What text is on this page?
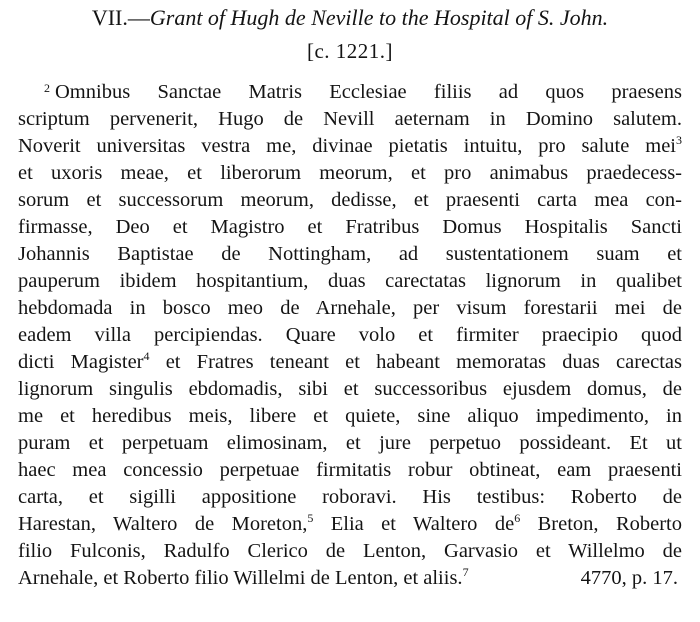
VII.—Grant of Hugh de Neville to the Hospital of S. John.
[c. 1221.]
2 Omnibus Sanctae Matris Ecclesiae filiis ad quos praesens
scriptum pervenerit, Hugo de Nevill aeternam in Domino salutem.
Noverit universitas vestra me, divinae pietatis intuitu, pro salute mei$^3$
et uxoris meae, et liberorum meorum, et pro animabus praedecess-
sorum et successorum meorum, dedisse, et praesenti carta mea con-
firmasse, Deo et Magistro et Fratribus Domus Hospitalis Sancti
Johannis Baptistae de Nottingham, ad sustentationem suam et
pauperum ibidem hospitantium, duas carectatas lignorum in qualibet
hebdomada in bosco meo de Arnehale, per visum forestarii mei de
eadem villa percipiendas. Quare volo et firmiter praecipio quod
dicti Magister$^4$ et Fratres teneant et habeant memoratas duas carectas
lignorum singulis ebdomadis, sibi et successoribus ejusdem domus, de
me et heredibus meis, libere et quiete, sine aliquo impedimento, in
puram et perpetuam elimosinam, et jure perpetuo possideant. Et ut
haec mea concessio perpetuae firmitatis robur obtineat, eam praesenti
carta, et sigilli appositione roboravi. His testibus: Roberto de
Harestan, Waltero de Moreton,$^5$ Elia et Waltero $de^6$ Breton, Roberto
filio Fulconis, Radulfo Clerico de Lenton, Garvasio et Willelmo de
Arnehale, et Roberto filio Willelmi de Lenton, et aliis.$^7$	4770, p. 17.
